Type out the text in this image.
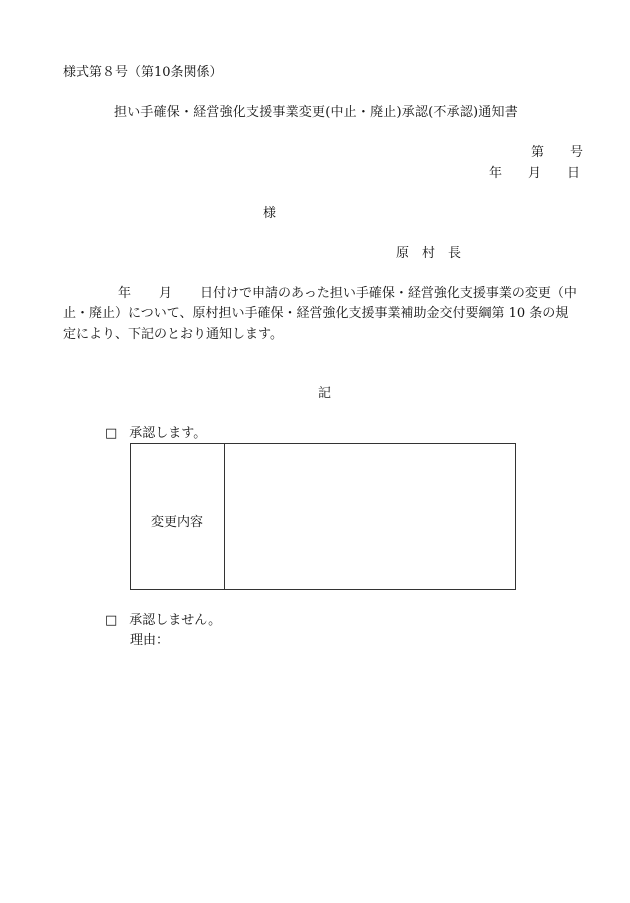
様式第８号（第10条関係）
担い手確保・経営強化支援事業変更(中止・廃止)承認(不承認)通知書
第 号
年 月 日
様
原　村　長
年 月 日付けで申請のあった担い手確保・経営強化支援事業の変更（中
止・廃止）について、原村担い手確保・経営強化支援事業補助金交付要綱第 10 条の規
定により、下記のとおり通知します。
記
□ 承認します。
変更内容
□ 承認しません。
理由：
